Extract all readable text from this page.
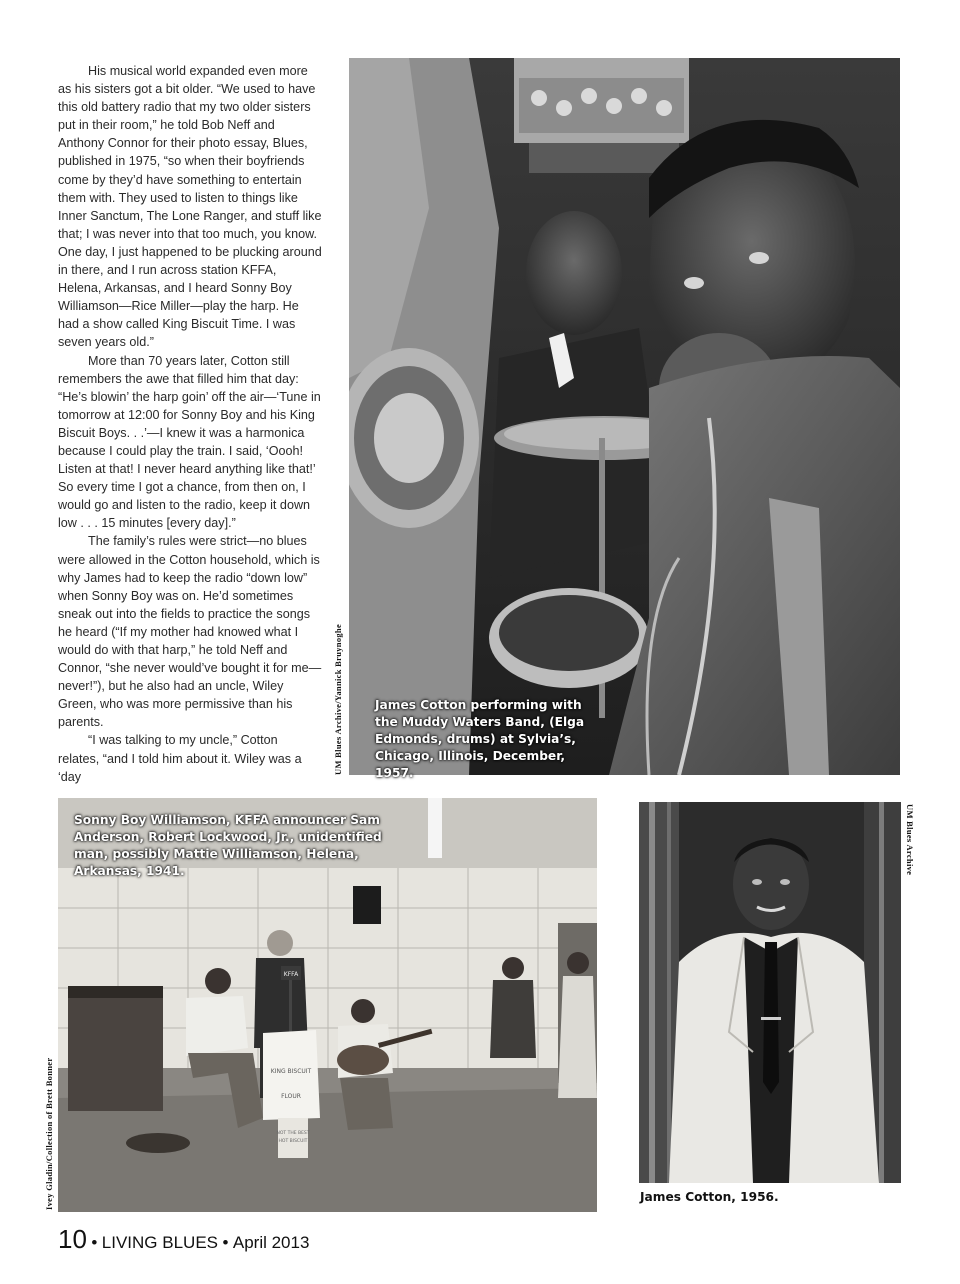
His musical world expanded even more as his sisters got a bit older. “We used to have this old battery radio that my two older sisters put in their room,” he told Bob Neff and Anthony Connor for their photo essay, Blues, published in 1975, “so when their boyfriends come by they’d have something to entertain them with. They used to listen to things like Inner Sanctum, The Lone Ranger, and stuff like that; I was never into that too much, you know. One day, I just happened to be plucking around in there, and I run across station KFFA, Helena, Arkansas, and I heard Sonny Boy Williamson—Rice Miller—play the harp. He had a show called King Biscuit Time. I was seven years old.”

More than 70 years later, Cotton still remembers the awe that filled him that day: “He’s blowin’ the harp goin’ off the air—‘Tune in tomorrow at 12:00 for Sonny Boy and his King Biscuit Boys. . .’—I knew it was a harmonica because I could play the train. I said, ‘Oooh! Listen at that! I never heard anything like that!’ So every time I got a chance, from then on, I would go and listen to the radio, keep it down low . . . 15 minutes [every day].”

The family’s rules were strict—no blues were allowed in the Cotton household, which is why James had to keep the radio “down low” when Sonny Boy was on. He’d sometimes sneak out into the fields to practice the songs he heard (“If my mother had knowed what I would do with that harp,” he told Neff and Connor, “she never would’ve bought it for me—never!”), but he also had an uncle, Wiley Green, who was more permissive than his parents.

“I was talking to my uncle,” Cotton relates, “and I told him about it. Wiley was a ‘day

James Cotton performing with the Muddy Waters Band, (Elga Edmonds, drums) at Sylvia’s, Chicago, Illinois, December, 1957.
UM Blues Archive/Yannick Bruynoghe
KFFA
KING BISCUIT
FLOUR
NOT THE BEST
HOT BISCUIT
Sonny Boy Williamson, KFFA announcer Sam Anderson, Robert Lockwood, Jr., unidentified man, possibly Mattie Williamson, Helena, Arkansas, 1941.
Ivey Gladin/Collection of Brett Bonner	James Cotton, 1956.
UM Blues Archive
10 • LIVING BLUES • April 2013
